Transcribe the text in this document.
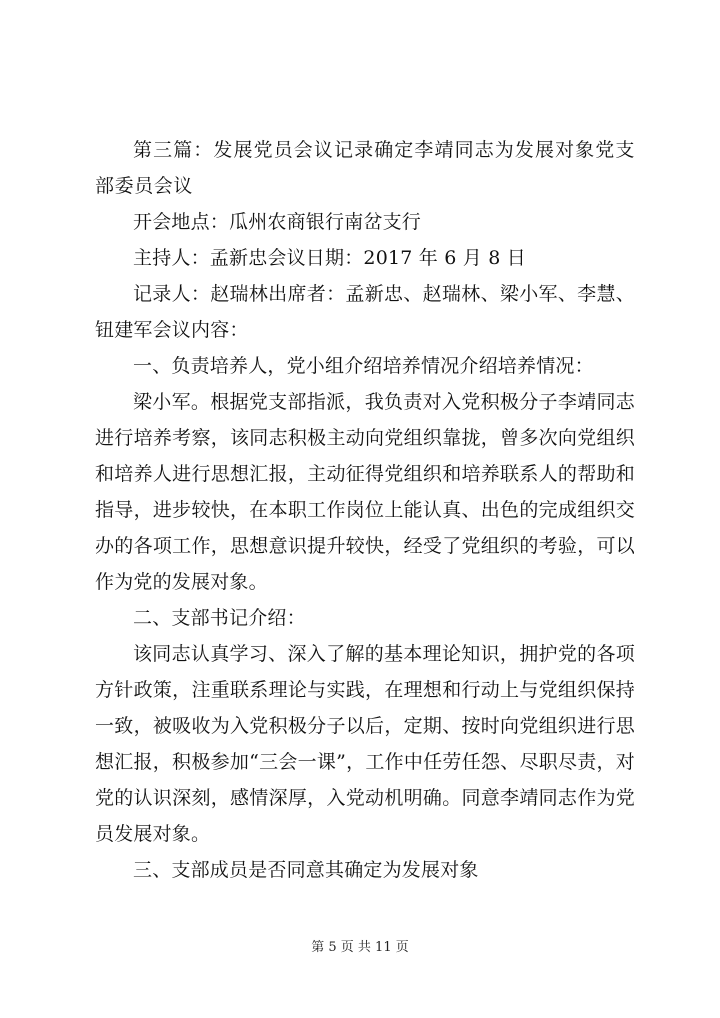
第三篇：发展党员会议记录确定李靖同志为发展对象党支部委员会议

开会地点：瓜州农商银行南岔支行

主持人：孟新忠会议日期：2017 年 6 月 8 日

记录人：赵瑞林出席者：孟新忠、赵瑞林、梁小军、李慧、钮建军会议内容：

一、负责培养人，党小组介绍培养情况介绍培养情况：

梁小军。根据党支部指派，我负责对入党积极分子李靖同志进行培养考察，该同志积极主动向党组织靠拢，曾多次向党组织和培养人进行思想汇报，主动征得党组织和培养联系人的帮助和指导，进步较快，在本职工作岗位上能认真、出色的完成组织交办的各项工作，思想意识提升较快，经受了党组织的考验，可以作为党的发展对象。

二、支部书记介绍：

该同志认真学习、深入了解的基本理论知识，拥护党的各项方针政策，注重联系理论与实践，在理想和行动上与党组织保持一致，被吸收为入党积极分子以后，定期、按时向党组织进行思想汇报，积极参加“三会一课”，工作中任劳任怨、尽职尽责，对党的认识深刻，感情深厚，入党动机明确。同意李靖同志作为党员发展对象。

三、支部成员是否同意其确定为发展对象

第 5 页 共 11 页
